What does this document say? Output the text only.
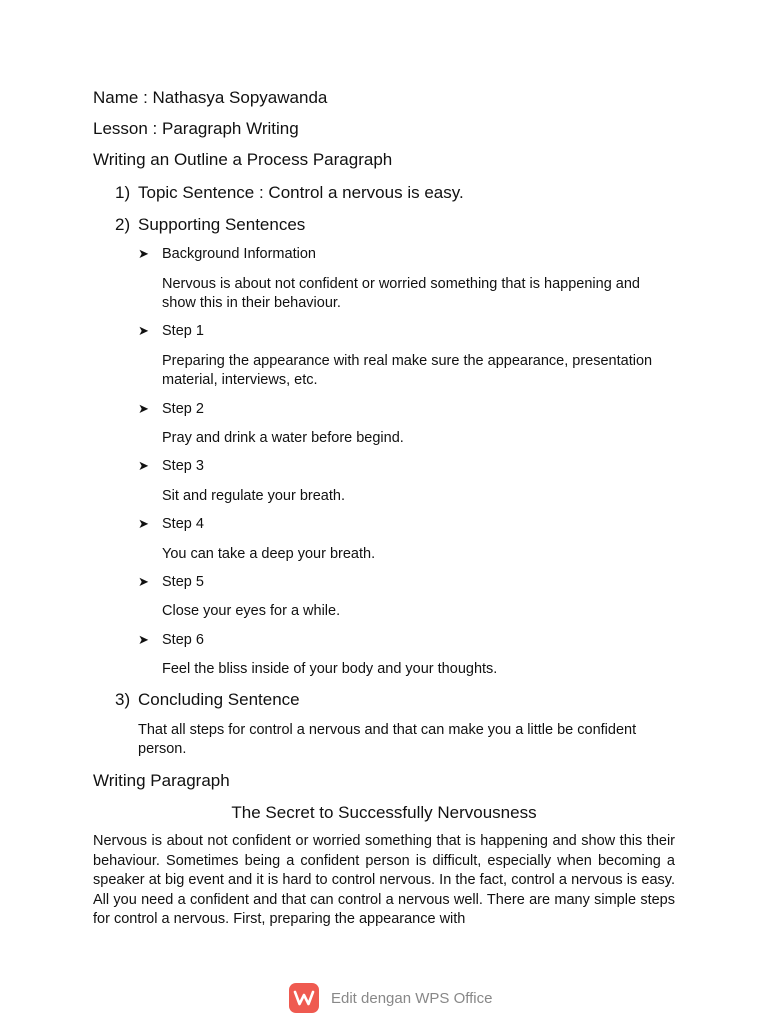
Name : Nathasya Sopyawanda
Lesson : Paragraph Writing
Writing an Outline a Process Paragraph
1) Topic Sentence : Control a nervous is easy.
2) Supporting Sentences
➤ Background Information
Nervous is about not confident or worried something that is happening and show this in their behaviour.
➤ Step 1
Preparing the appearance with real make sure the appearance, presentation material, interviews, etc.
➤ Step 2
Pray and drink a water before begind.
➤ Step 3
Sit and regulate your breath.
➤ Step 4
You can take a deep your breath.
➤ Step 5
Close your eyes for a while.
➤ Step 6
Feel the bliss inside of your body and your thoughts.
3) Concluding Sentence
That all steps for control a nervous and that can make you a little be confident person.
Writing Paragraph
The Secret to Successfully Nervousness
Nervous is about not confident or worried something that is happening and show this their behaviour. Sometimes being a confident person is difficult, especially when becoming a speaker at big event and it is hard to control nervous. In the fact, control a nervous is easy. All you need a confident and that can control a nervous well. There are many simple steps for control a nervous. First, preparing the appearance with
Edit dengan WPS Office
